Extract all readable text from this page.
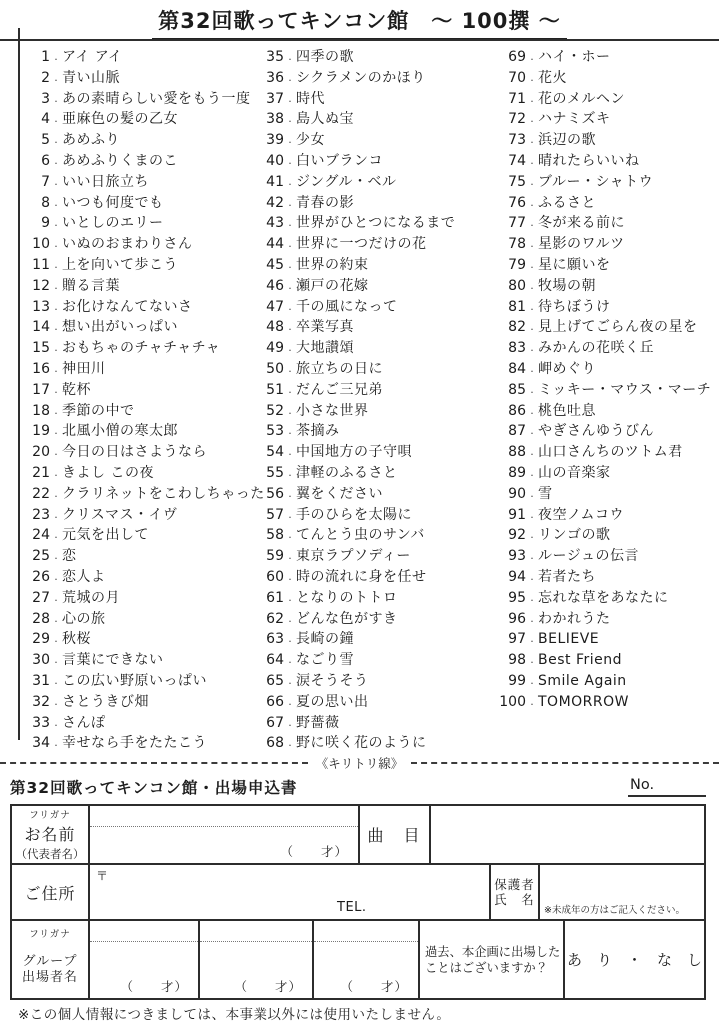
第32回歌ってキンコン館　～ 100撰 ～
1 . アイ アイ
2 . 青い山脈
3 . あの素晴らしい愛をもう一度
4 . 亜麻色の髪の乙女
5 . あめふり
6 . あめふりくまのこ
7 . いい日旅立ち
8 . いつも何度でも
9 . いとしのエリー
10 . いぬのおまわりさん
11 . 上を向いて歩こう
12 . 贈る言葉
13 . お化けなんてないさ
14 . 想い出がいっぱい
15 . おもちゃのチャチャチャ
16 . 神田川
17 . 乾杯
18 . 季節の中で
19 . 北風小僧の寒太郎
20 . 今日の日はさようなら
21 . きよし この夜
22 . クラリネットをこわしちゃった
23 . クリスマス・イヴ
24 . 元気を出して
25 . 恋
26 . 恋人よ
27 . 荒城の月
28 . 心の旅
29 . 秋桜
30 . 言葉にできない
31 . この広い野原いっぱい
32 . さとうきび畑
33 . さんぽ
34 . 幸せなら手をたたこう
35 . 四季の歌
36 . シクラメンのかほり
37 . 時代
38 . 島人ぬ宝
39 . 少女
40 . 白いブランコ
41 . ジングル・ベル
42 . 青春の影
43 . 世界がひとつになるまで
44 . 世界に一つだけの花
45 . 世界の約束
46 . 瀬戸の花嫁
47 . 千の風になって
48 . 卒業写真
49 . 大地讃頌
50 . 旅立ちの日に
51 . だんご三兄弟
52 . 小さな世界
53 . 茶摘み
54 . 中国地方の子守唄
55 . 津軽のふるさと
56 . 翼をください
57 . 手のひらを太陽に
58 . てんとう虫のサンバ
59 . 東京ラプソディー
60 . 時の流れに身を任せ
61 . となりのトトロ
62 . どんな色がすき
63 . 長崎の鐘
64 . なごり雪
65 . 涙そうそう
66 . 夏の思い出
67 . 野薔薇
68 . 野に咲く花のように
69 . ハイ・ホー
70 . 花火
71 . 花のメルヘン
72 . ハナミズキ
73 . 浜辺の歌
74 . 晴れたらいいね
75 . ブルー・シャトウ
76 . ふるさと
77 . 冬が来る前に
78 . 星影のワルツ
79 . 星に願いを
80 . 牧場の朝
81 . 待ちぼうけ
82 . 見上げてごらん夜の星を
83 . みかんの花咲く丘
84 . 岬めぐり
85 . ミッキー・マウス・マーチ
86 . 桃色吐息
87 . やぎさんゆうびん
88 . 山口さんちのツトム君
89 . 山の音楽家
90 . 雪
91 . 夜空ノムコウ
92 . リンゴの歌
93 . ルージュの伝言
94 . 若者たち
95 . 忘れな草をあなたに
96 . わかれうた
97 . BELIEVE
98 . Best Friend
99 . Smile Again
100 . TOMORROW
《キリトリ線》
第32回歌ってキンコン館・出場申込書	No.
フリガナ
お名前
（代表者名）	（　　才）
曲　目
ご住所
〒
TEL.
保護者
氏　名
※未成年の方はご記入ください。
フリガナ
グループ
出場者名
（　　才）	（　　才）	（　　才）
過去、本企画に出場した
ことはございますか？	あ　り　・　な　し
※この個人情報につきましては、本事業以外には使用いたしません。
